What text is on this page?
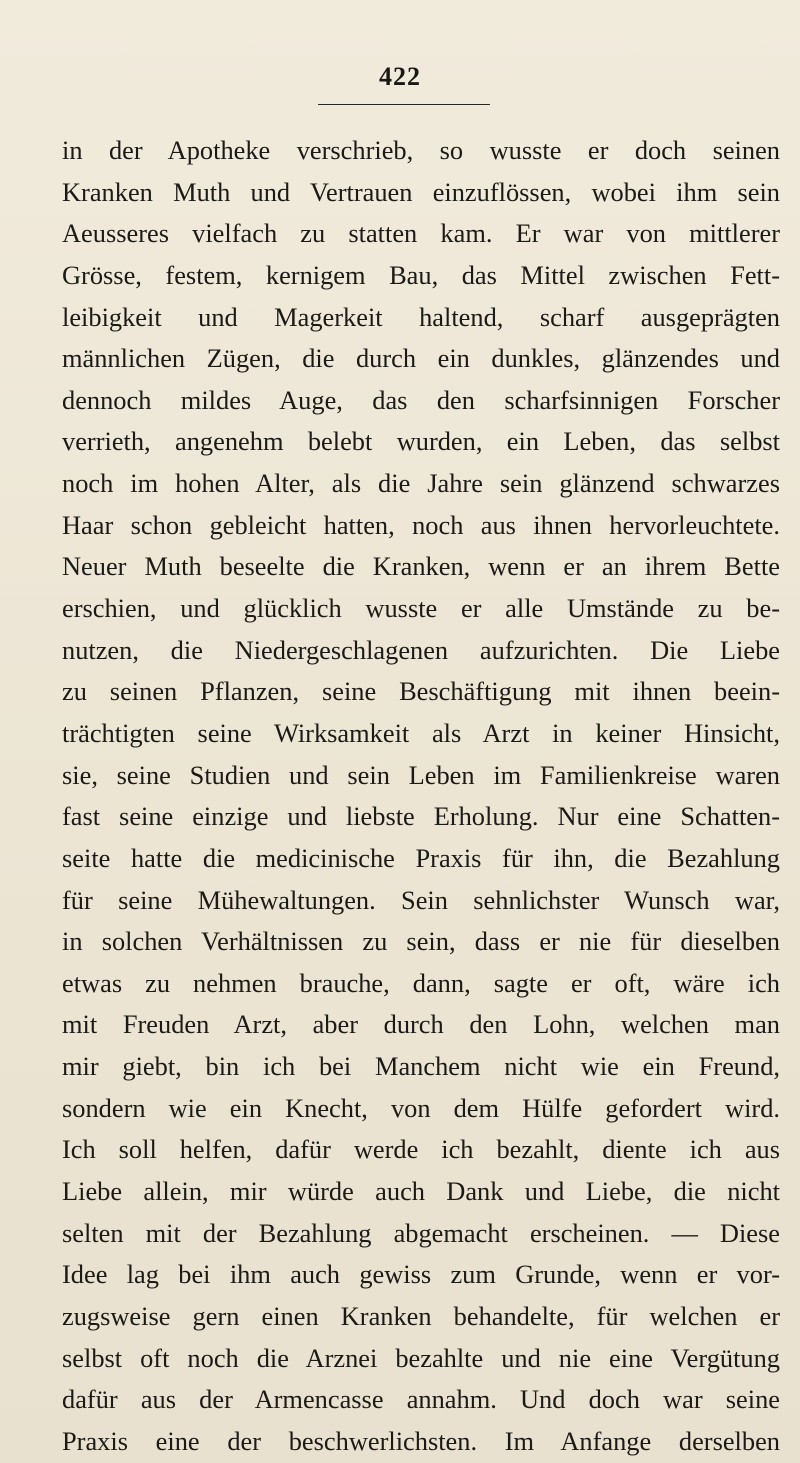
422
in der Apotheke verschrieb, so wusste er doch seinen
Kranken Muth und Vertrauen einzuflössen, wobei ihm sein
Aeusseres vielfach zu statten kam. Er war von mittlerer
Grösse, festem, kernigem Bau, das Mittel zwischen Fett-
leibigkeit und Magerkeit haltend, scharf ausgeprägten
männlichen Zügen, die durch ein dunkles, glänzendes und
dennoch mildes Auge, das den scharfsinnigen Forscher
verrieth, angenehm belebt wurden, ein Leben, das selbst
noch im hohen Alter, als die Jahre sein glänzend schwarzes
Haar schon gebleicht hatten, noch aus ihnen hervorleuchtete.
Neuer Muth beseelte die Kranken, wenn er an ihrem Bette
erschien, und glücklich wusste er alle Umstände zu be-
nutzen, die Niedergeschlagenen aufzurichten. Die Liebe
zu seinen Pflanzen, seine Beschäftigung mit ihnen beein-
trächtigten seine Wirksamkeit als Arzt in keiner Hinsicht,
sie, seine Studien und sein Leben im Familienkreise waren
fast seine einzige und liebste Erholung. Nur eine Schatten-
seite hatte die medicinische Praxis für ihn, die Bezahlung
für seine Mühewaltungen. Sein sehnlichster Wunsch war,
in solchen Verhältnissen zu sein, dass er nie für dieselben
etwas zu nehmen brauche, dann, sagte er oft, wäre ich
mit Freuden Arzt, aber durch den Lohn, welchen man
mir giebt, bin ich bei Manchem nicht wie ein Freund,
sondern wie ein Knecht, von dem Hülfe gefordert wird.
Ich soll helfen, dafür werde ich bezahlt, diente ich aus
Liebe allein, mir würde auch Dank und Liebe, die nicht
selten mit der Bezahlung abgemacht erscheinen. — Diese
Idee lag bei ihm auch gewiss zum Grunde, wenn er vor-
zugsweise gern einen Kranken behandelte, für welchen er
selbst oft noch die Arznei bezahlte und nie eine Vergütung
dafür aus der Armencasse annahm. Und doch war seine
Praxis eine der beschwerlichsten. Im Anfange derselben
